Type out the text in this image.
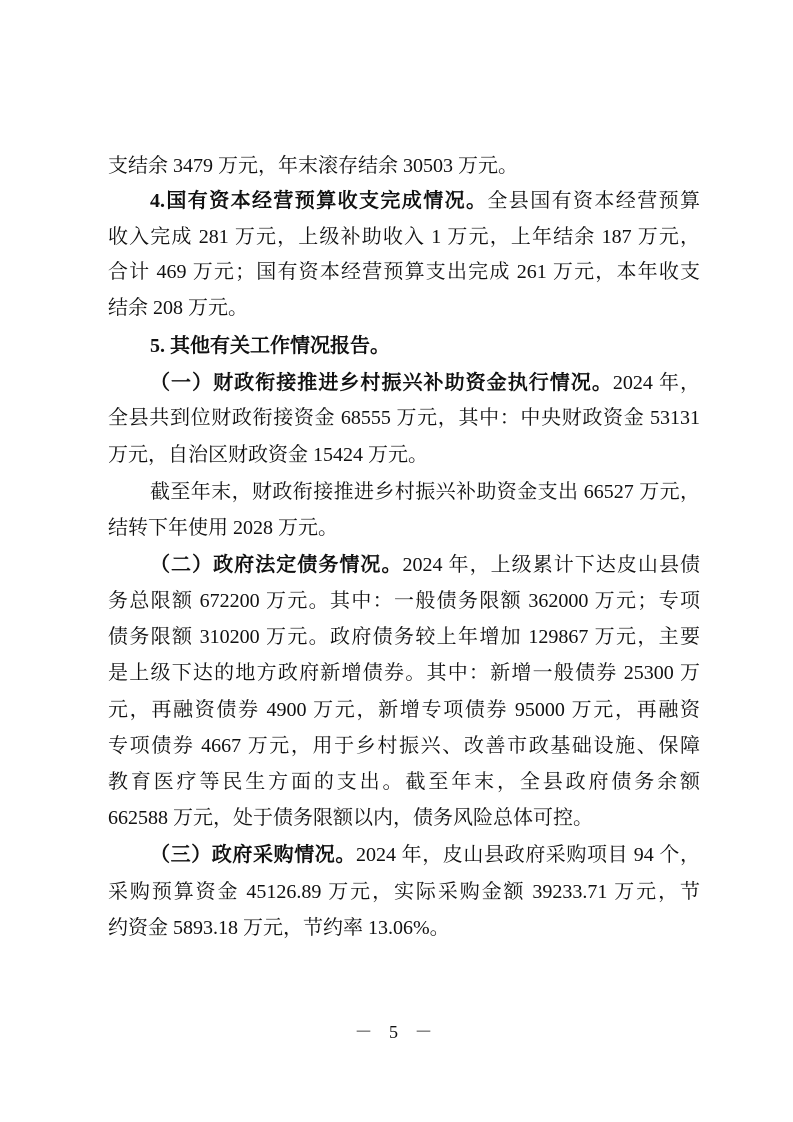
支结余 3479 万元，年末滚存结余 30503 万元。
4.国有资本经营预算收支完成情况。全县国有资本经营预算
收入完成 281 万元，上级补助收入 1 万元，上年结余 187 万元，
合计 469 万元；国有资本经营预算支出完成 261 万元，本年收支
结余 208 万元。
5. 其他有关工作情况报告。
（一）财政衔接推进乡村振兴补助资金执行情况。2024 年，
全县共到位财政衔接资金 68555 万元，其中：中央财政资金 53131
万元，自治区财政资金 15424 万元。
截至年末，财政衔接推进乡村振兴补助资金支出 66527 万元，
结转下年使用 2028 万元。
（二）政府法定债务情况。2024 年，上级累计下达皮山县债
务总限额 672200 万元。其中：一般债务限额 362000 万元；专项
债务限额 310200 万元。政府债务较上年增加 129867 万元，主要
是上级下达的地方政府新增债券。其中：新增一般债券 25300 万
元，再融资债券 4900 万元，新增专项债券 95000 万元，再融资
专项债券 4667 万元，用于乡村振兴、改善市政基础设施、保障
教育医疗等民生方面的支出。截至年末，全县政府债务余额
662588 万元，处于债务限额以内，债务风险总体可控。
（三）政府采购情况。2024 年，皮山县政府采购项目 94 个，
采购预算资金 45126.89 万元，实际采购金额 39233.71 万元，节
约资金 5893.18 万元，节约率 13.06%。
－ 5 －
